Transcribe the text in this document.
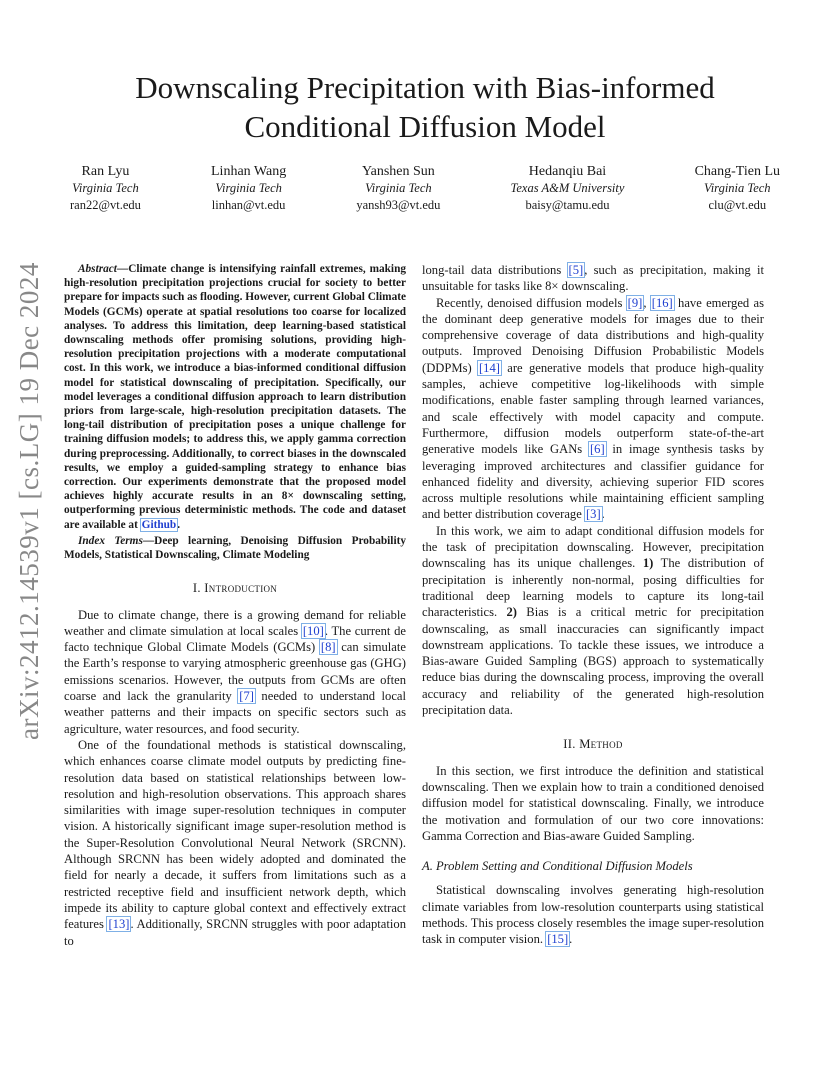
arXiv:2412.14539v1 [cs.LG] 19 Dec 2024
Downscaling Precipitation with Bias-informed
Conditional Diffusion Model
Ran Lyu
Virginia Tech
ran22@vt.edu
Linhan Wang
Virginia Tech
linhan@vt.edu
Yanshen Sun
Virginia Tech
yansh93@vt.edu
Hedanqiu Bai
Texas A&M University
baisy@tamu.edu
Chang-Tien Lu
Virginia Tech
clu@vt.edu

Abstract—Climate change is intensifying rainfall extremes, making high-resolution precipitation projections crucial for society to better prepare for impacts such as flooding. However, current Global Climate Models (GCMs) operate at spatial resolutions too coarse for localized analyses. To address this limitation, deep learning-based statistical downscaling methods offer promising solutions, providing high-resolution precipitation projections with a moderate computational cost. In this work, we introduce a bias-informed conditional diffusion model for statistical downscaling of precipitation. Specifically, our model leverages a conditional diffusion approach to learn distribution priors from large-scale, high-resolution precipitation datasets. The long-tail distribution of precipitation poses a unique challenge for training diffusion models; to address this, we apply gamma correction during preprocessing. Additionally, to correct biases in the downscaled results, we employ a guided-sampling strategy to enhance bias correction. Our experiments demonstrate that the proposed model achieves highly accurate results in an 8× downscaling setting, outperforming previous deterministic methods. The code and dataset are available at Github.

Index Terms—Deep learning, Denoising Diffusion Probability Models, Statistical Downscaling, Climate Modeling

I. Introduction

Due to climate change, there is a growing demand for reliable weather and climate simulation at local scales [10]. The current de facto technique Global Climate Models (GCMs) [8] can simulate the Earth’s response to varying atmospheric greenhouse gas (GHG) emissions scenarios. However, the outputs from GCMs are often coarse and lack the granularity [7] needed to understand local weather patterns and their impacts on specific sectors such as agriculture, water resources, and food security.

One of the foundational methods is statistical downscaling, which enhances coarse climate model outputs by predicting fine-resolution data based on statistical relationships between low-resolution and high-resolution observations. This approach shares similarities with image super-resolution techniques in computer vision. A historically significant image super-resolution method is the Super-Resolution Convolutional Neural Network (SRCNN). Although SRCNN has been widely adopted and dominated the field for nearly a decade, it suffers from limitations such as a restricted receptive field and insufficient network depth, which impede its ability to capture global context and effectively extract features [13]. Additionally, SRCNN struggles with poor adaptation to

long-tail data distributions [5], such as precipitation, making it unsuitable for tasks like 8× downscaling.

Recently, denoised diffusion models [9], [16] have emerged as the dominant deep generative models for images due to their comprehensive coverage of data distributions and high-quality outputs. Improved Denoising Diffusion Probabilistic Models (DDPMs) [14] are generative models that produce high-quality samples, achieve competitive log-likelihoods with simple modifications, enable faster sampling through learned variances, and scale effectively with model capacity and compute. Furthermore, diffusion models outperform state-of-the-art generative models like GANs [6] in image synthesis tasks by leveraging improved architectures and classifier guidance for enhanced fidelity and diversity, achieving superior FID scores across multiple resolutions while maintaining efficient sampling and better distribution coverage [3].

In this work, we aim to adapt conditional diffusion models for the task of precipitation downscaling. However, precipitation downscaling has its unique challenges. 1) The distribution of precipitation is inherently non-normal, posing difficulties for traditional deep learning models to capture its long-tail characteristics. 2) Bias is a critical metric for precipitation downscaling, as small inaccuracies can significantly impact downstream applications. To tackle these issues, we introduce a Bias-aware Guided Sampling (BGS) approach to systematically reduce bias during the downscaling process, improving the overall accuracy and reliability of the generated high-resolution precipitation data.

II. Method

In this section, we first introduce the definition and statistical downscaling. Then we explain how to train a conditioned denoised diffusion model for statistical downscaling. Finally, we introduce the motivation and formulation of our two core innovations: Gamma Correction and Bias-aware Guided Sampling.

A. Problem Setting and Conditional Diffusion Models

Statistical downscaling involves generating high-resolution climate variables from low-resolution counterparts using statistical methods. This process closely resembles the image super-resolution task in computer vision. [15].
